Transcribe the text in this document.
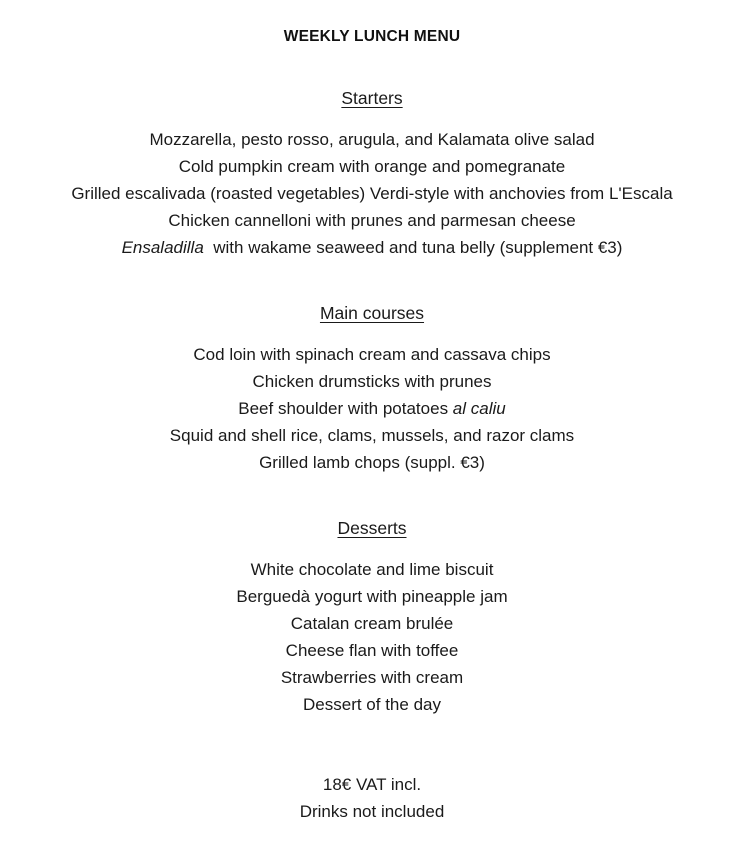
WEEKLY LUNCH MENU
Starters
Mozzarella, pesto rosso, arugula, and Kalamata olive salad
Cold pumpkin cream with orange and pomegranate
Grilled escalivada (roasted vegetables) Verdi-style with anchovies from L'Escala
Chicken cannelloni with prunes and parmesan cheese
Ensaladilla  with wakame seaweed and tuna belly (supplement €3)
Main courses
Cod loin with spinach cream and cassava chips
Chicken drumsticks with prunes
Beef shoulder with potatoes al caliu
Squid and shell rice, clams, mussels, and razor clams
Grilled lamb chops (suppl. €3)
Desserts
White chocolate and lime biscuit
Berguedà yogurt with pineapple jam
Catalan cream brulée
Cheese flan with toffee
Strawberries with cream
Dessert of the day
18€ VAT incl.
Drinks not included
